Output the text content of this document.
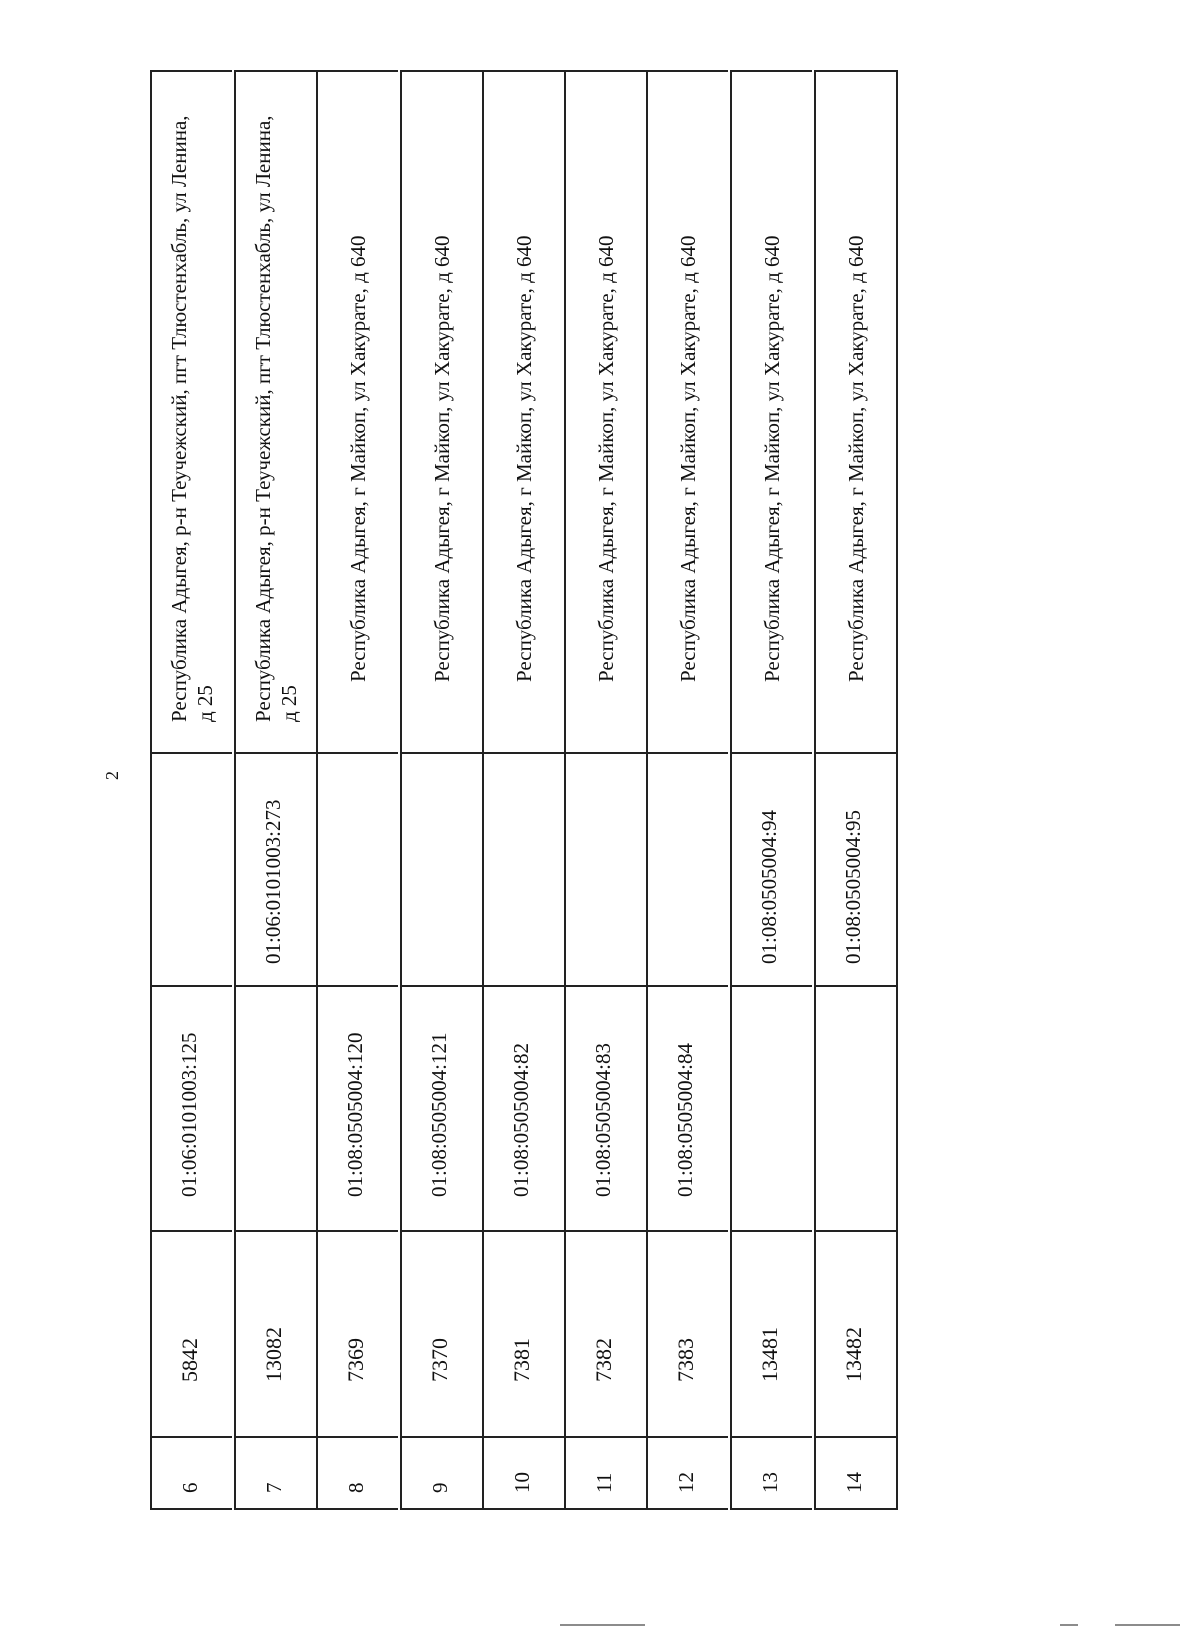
2
Республика Адыгея, р-н Теучежский, пгт Тлюстенхабль, ул Ленина, д 25
01:06:0101003:125
5842
6
Республика Адыгея, р-н Теучежский, пгт Тлюстенхабль, ул Ленина, д 25
01:06:0101003:273
13082
7
Республика Адыгея, г Майкоп, ул Хакурате, д 640
01:08:0505004:120
7369
8
Республика Адыгея, г Майкоп, ул Хакурате, д 640
01:08:0505004:121
7370
9
Республика Адыгея, г Майкоп, ул Хакурате, д 640
01:08:0505004:82
7381
10
Республика Адыгея, г Майкоп, ул Хакурате, д 640
01:08:0505004:83
7382
11
Республика Адыгея, г Майкоп, ул Хакурате, д 640
01:08:0505004:84
7383
12
Республика Адыгея, г Майкоп, ул Хакурате, д 640
01:08:0505004:94
13481
13
Республика Адыгея, г Майкоп, ул Хакурате, д 640
01:08:0505004:95
13482
14
